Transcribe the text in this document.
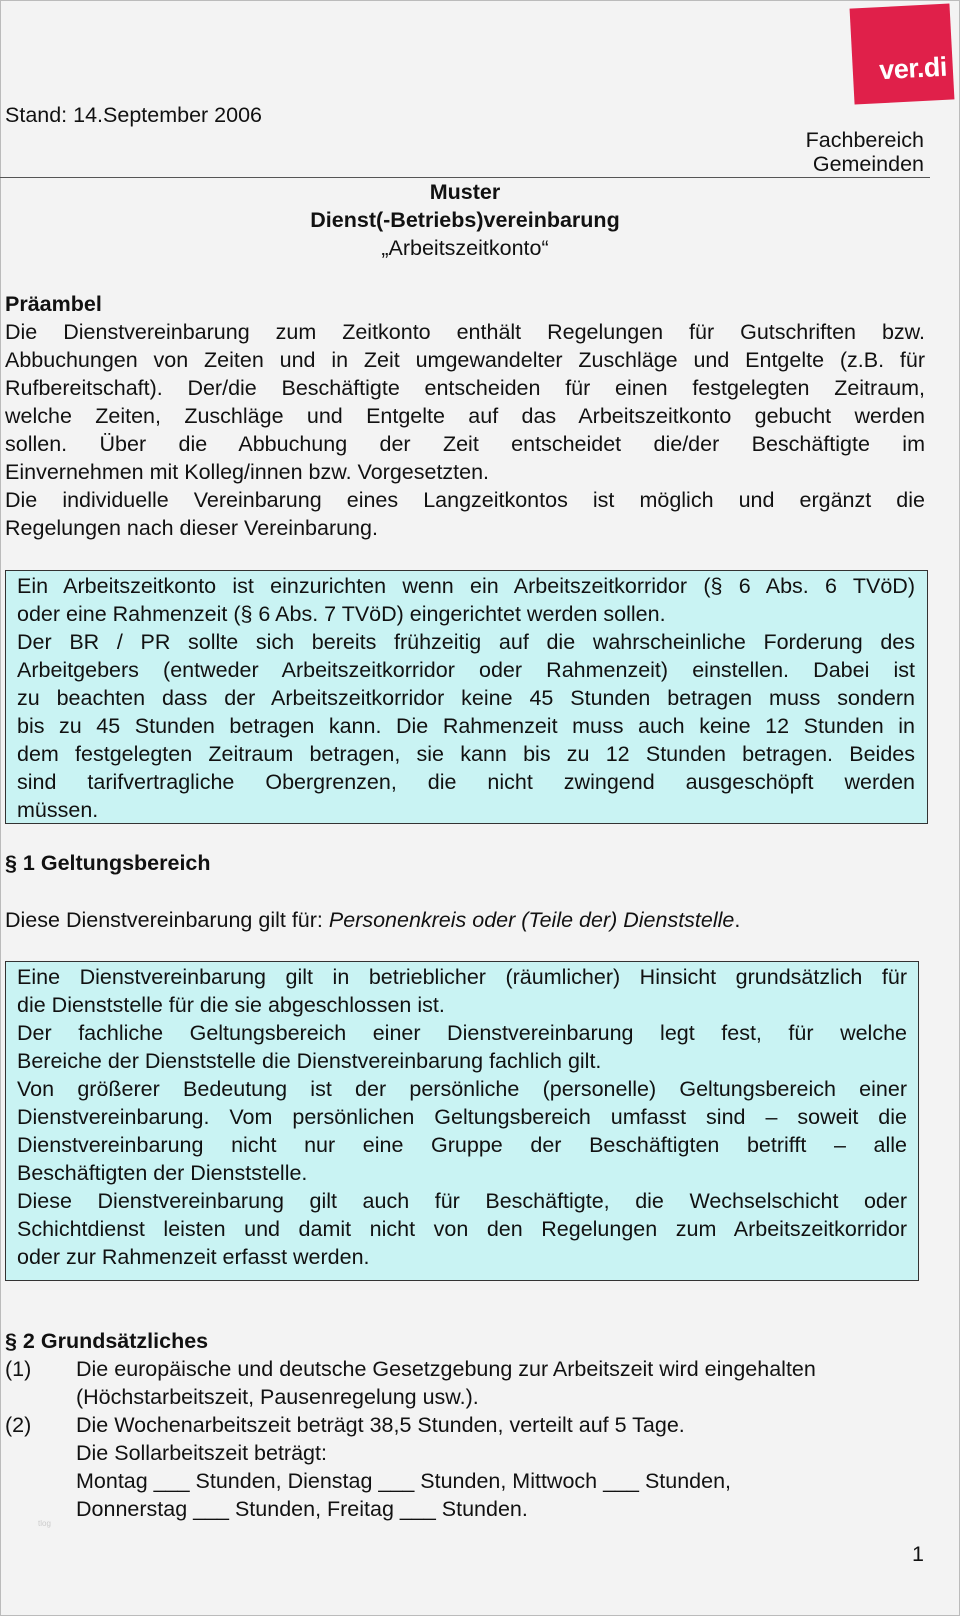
Stand: 14.September 2006
ver.di
Fachbereich
Gemeinden
Muster
Dienst(-Betriebs)vereinbarung
„Arbeitszeitkonto“
Präambel
Die Dienstvereinbarung zum Zeitkonto enthält Regelungen für Gutschriften bzw.
Abbuchungen von Zeiten und in Zeit umgewandelter Zuschläge und Entgelte (z.B. für
Rufbereitschaft). Der/die Beschäftigte entscheiden für einen festgelegten Zeitraum,
welche Zeiten, Zuschläge und Entgelte auf das Arbeitszeitkonto gebucht werden
sollen. Über die Abbuchung der Zeit entscheidet die/der Beschäftigte im
Einvernehmen mit Kolleg/innen bzw. Vorgesetzten.
Die individuelle Vereinbarung eines Langzeitkontos ist möglich und ergänzt die
Regelungen nach dieser Vereinbarung.
Ein Arbeitszeitkonto ist einzurichten wenn ein Arbeitszeitkorridor (§ 6 Abs. 6 TVöD)
oder eine Rahmenzeit (§ 6 Abs. 7 TVöD) eingerichtet werden sollen.
Der BR / PR sollte sich bereits frühzeitig auf die wahrscheinliche Forderung des
Arbeitgebers (entweder Arbeitszeitkorridor oder Rahmenzeit) einstellen. Dabei ist
zu beachten dass der Arbeitszeitkorridor keine 45 Stunden betragen muss sondern
bis zu 45 Stunden betragen kann. Die Rahmenzeit muss auch keine 12 Stunden in
dem festgelegten Zeitraum betragen, sie kann bis zu 12 Stunden betragen. Beides
sind tarifvertragliche Obergrenzen, die nicht zwingend ausgeschöpft werden
müssen.
§ 1 Geltungsbereich
Diese Dienstvereinbarung gilt für: Personenkreis oder (Teile der) Dienststelle.
Eine Dienstvereinbarung gilt in betrieblicher (räumlicher) Hinsicht grundsätzlich für
die Dienststelle für die sie abgeschlossen ist.
Der fachliche Geltungsbereich einer Dienstvereinbarung legt fest, für welche
Bereiche der Dienststelle die Dienstvereinbarung fachlich gilt.
Von größerer Bedeutung ist der persönliche (personelle) Geltungsbereich einer
Dienstvereinbarung. Vom persönlichen Geltungsbereich umfasst sind – soweit die
Dienstvereinbarung nicht nur eine Gruppe der Beschäftigten betrifft – alle
Beschäftigten der Dienststelle.
Diese Dienstvereinbarung gilt auch für Beschäftigte, die Wechselschicht oder
Schichtdienst leisten und damit nicht von den Regelungen zum Arbeitszeitkorridor
oder zur Rahmenzeit erfasst werden.
§ 2 Grundsätzliches
(1) Die europäische und deutsche Gesetzgebung zur Arbeitszeit wird eingehalten
(Höchstarbeitszeit, Pausenregelung usw.).
(2) Die Wochenarbeitszeit beträgt 38,5 Stunden, verteilt auf 5 Tage.
Die Sollarbeitszeit beträgt:
Montag ___ Stunden, Dienstag ___ Stunden, Mittwoch ___ Stunden,
Donnerstag ___ Stunden, Freitag ___ Stunden.
tlog
1
